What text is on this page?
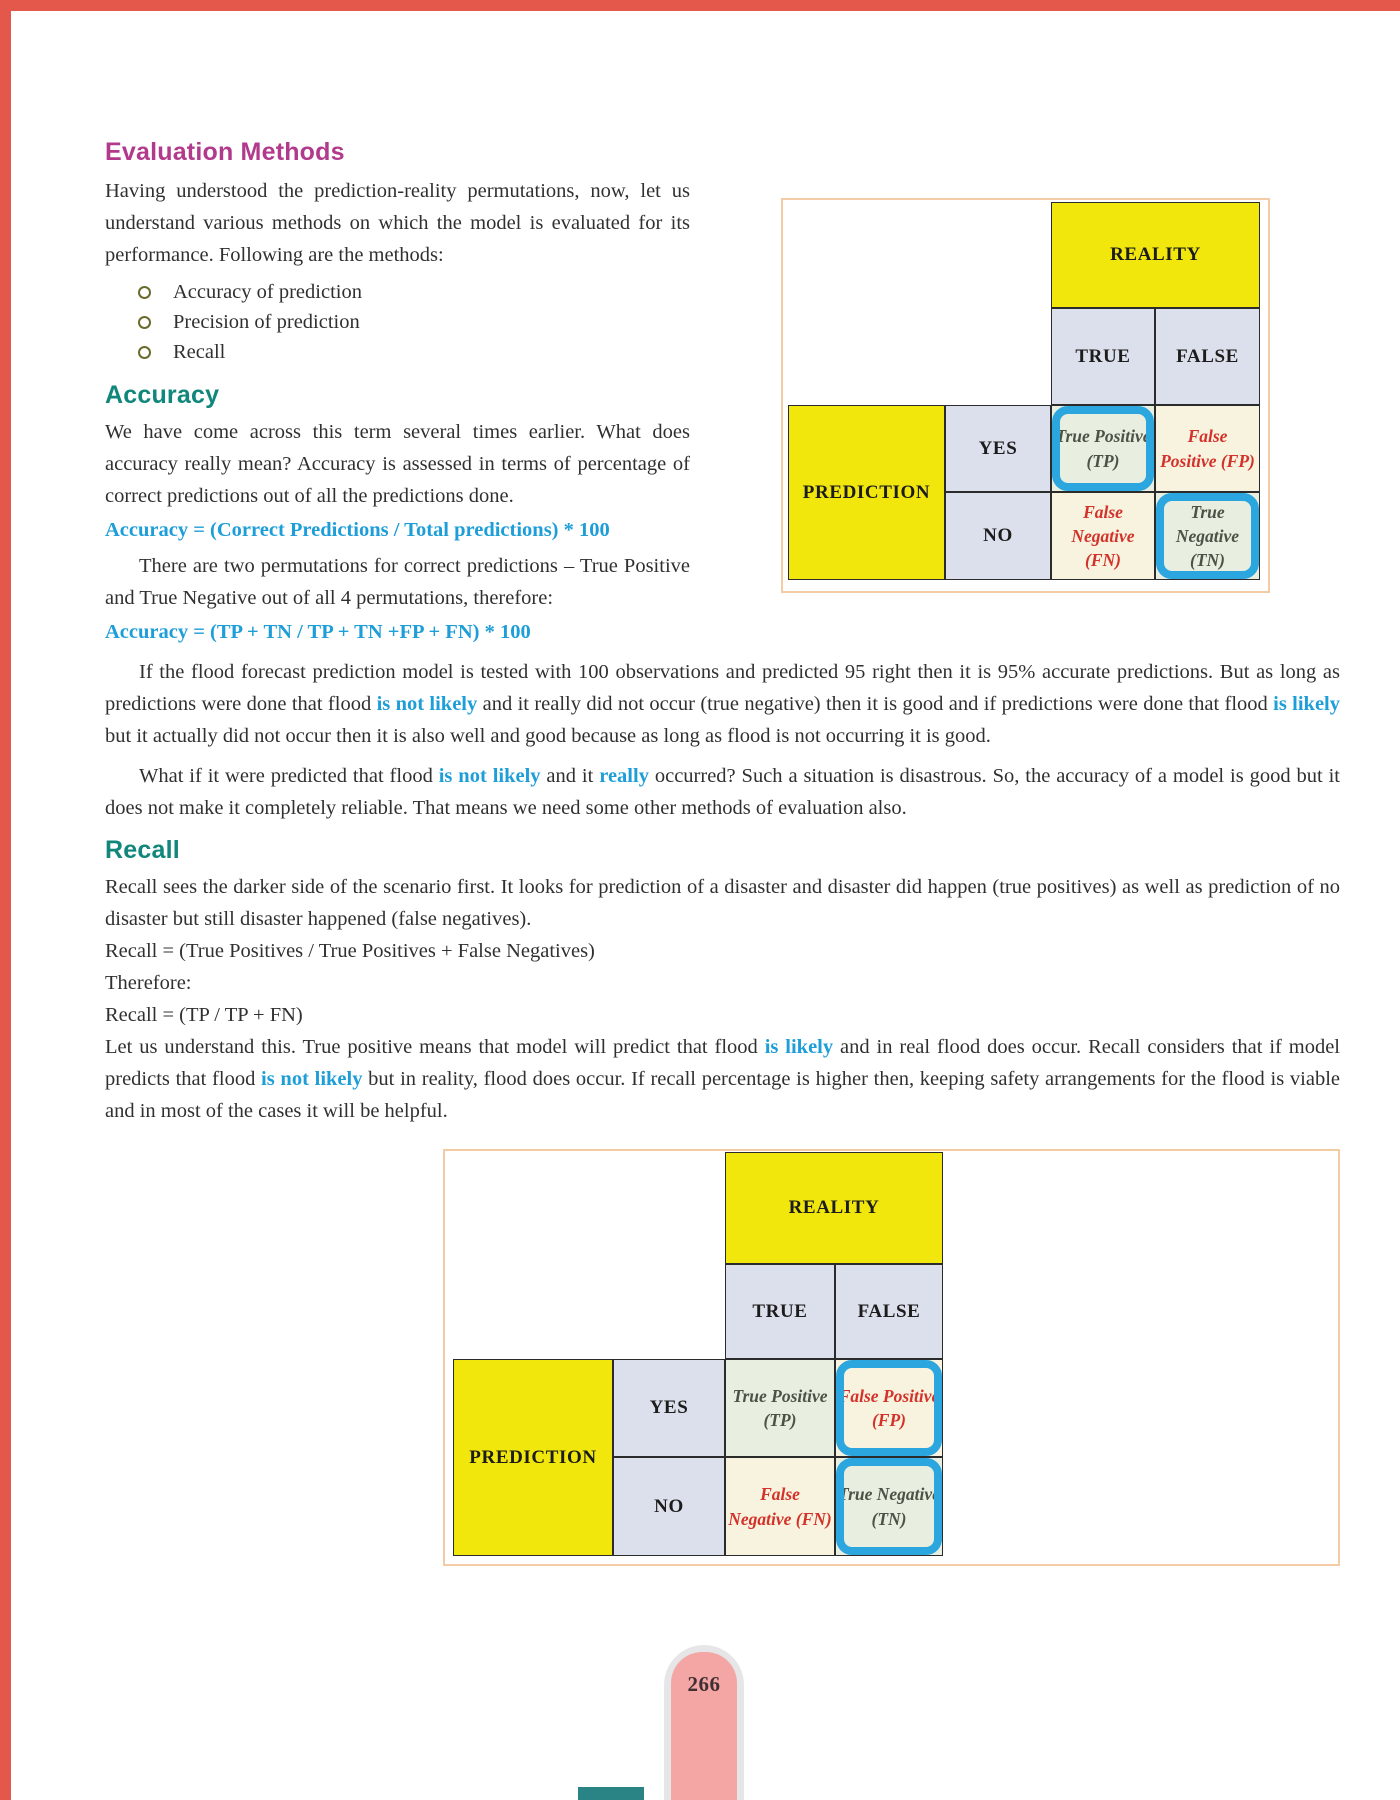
Evaluation Methods

Having understood the prediction-reality permutations, now, let us understand various methods on which the model is evaluated for its performance. Following are the methods:

Accuracy of prediction
Precision of prediction
Recall
Accuracy

We have come across this term several times earlier. What does accuracy really mean? Accuracy is assessed in terms of percentage of correct predictions out of all the predictions done.

Accuracy = (Correct Predictions / Total predictions) * 100

There are two permutations for correct predictions – True Positive and True Negative out of all 4 permutations, therefore:

Accuracy = (TP + TN / TP + TN +FP + FN) * 100

REALITY
TRUE	FALSE
PREDICTION
YES
NO
True Positive (TP)
False Positive (FP)
False Negative (FN)
True Negative (TN)

If the flood forecast prediction model is tested with 100 observations and predicted 95 right then it is 95% accurate predictions. But as long as predictions were done that flood is not likely and it really did not occur (true negative) then it is good and if predictions were done that flood is likely but it actually did not occur then it is also well and good because as long as flood is not occurring it is good.

What if it were predicted that flood is not likely and it really occurred? Such a situation is disastrous. So, the accuracy of a model is good but it does not make it completely reliable. That means we need some other methods of evaluation also.

Recall

Recall sees the darker side of the scenario first. It looks for prediction of a disaster and disaster did happen (true positives) as well as prediction of no disaster but still disaster happened (false negatives).

Recall = (True Positives / True Positives + False Negatives)

Therefore:

Recall = (TP / TP + FN)

Let us understand this. True positive means that model will predict that flood is likely and in real flood does occur. Recall considers that if model predicts that flood is not likely but in reality, flood does occur. If recall percentage is higher then, keeping safety arrangements for the flood is viable and in most of the cases it will be helpful.

REALITY
TRUE	FALSE
PREDICTION
YES
NO
True Positive (TP)
False Positive (FP)
False Negative (FN)
True Negative (TN)
266
